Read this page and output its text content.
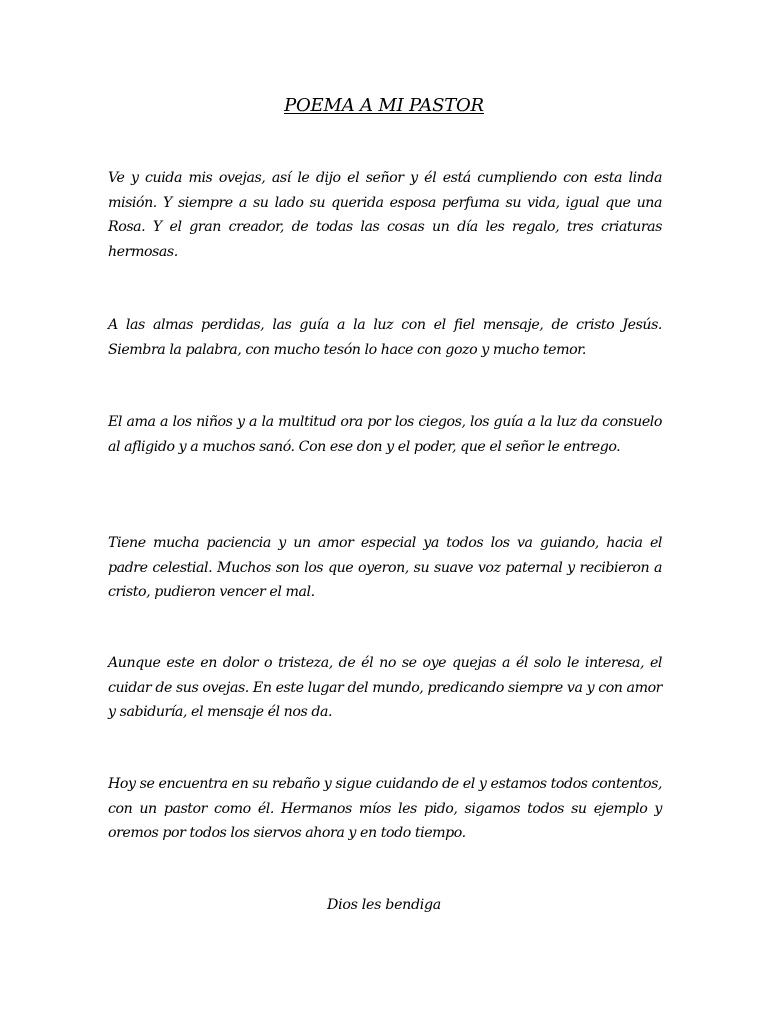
POEMA A MI PASTOR

Ve y cuida mis ovejas, así le dijo el señor y él está cumpliendo con esta linda misión. Y siempre a su lado su querida esposa perfuma su vida, igual que una Rosa. Y el gran creador, de todas las cosas un día les regalo, tres criaturas hermosas.

A las almas perdidas, las guía a la luz con el fiel mensaje, de cristo Jesús. Siembra la palabra, con mucho tesón lo hace con gozo y mucho temor.

El ama a los niños y a la multitud ora por los ciegos, los guía a la luz da consuelo al afligido y a muchos sanó. Con ese don y el poder, que el señor le entrego.

Tiene mucha paciencia y un amor especial ya todos los va guiando, hacia el padre celestial. Muchos son los que oyeron, su suave voz paternal y recibieron a cristo, pudieron vencer el mal.

Aunque este en dolor o tristeza, de él no se oye quejas a él solo le interesa, el cuidar de sus ovejas. En este lugar del mundo, predicando siempre va y con amor y sabiduría, el mensaje él nos da.

Hoy se encuentra en su rebaño y sigue cuidando de el y estamos todos contentos, con un pastor como él. Hermanos míos les pido, sigamos todos su ejemplo y oremos por todos los siervos ahora y en todo tiempo.

Dios les bendiga
